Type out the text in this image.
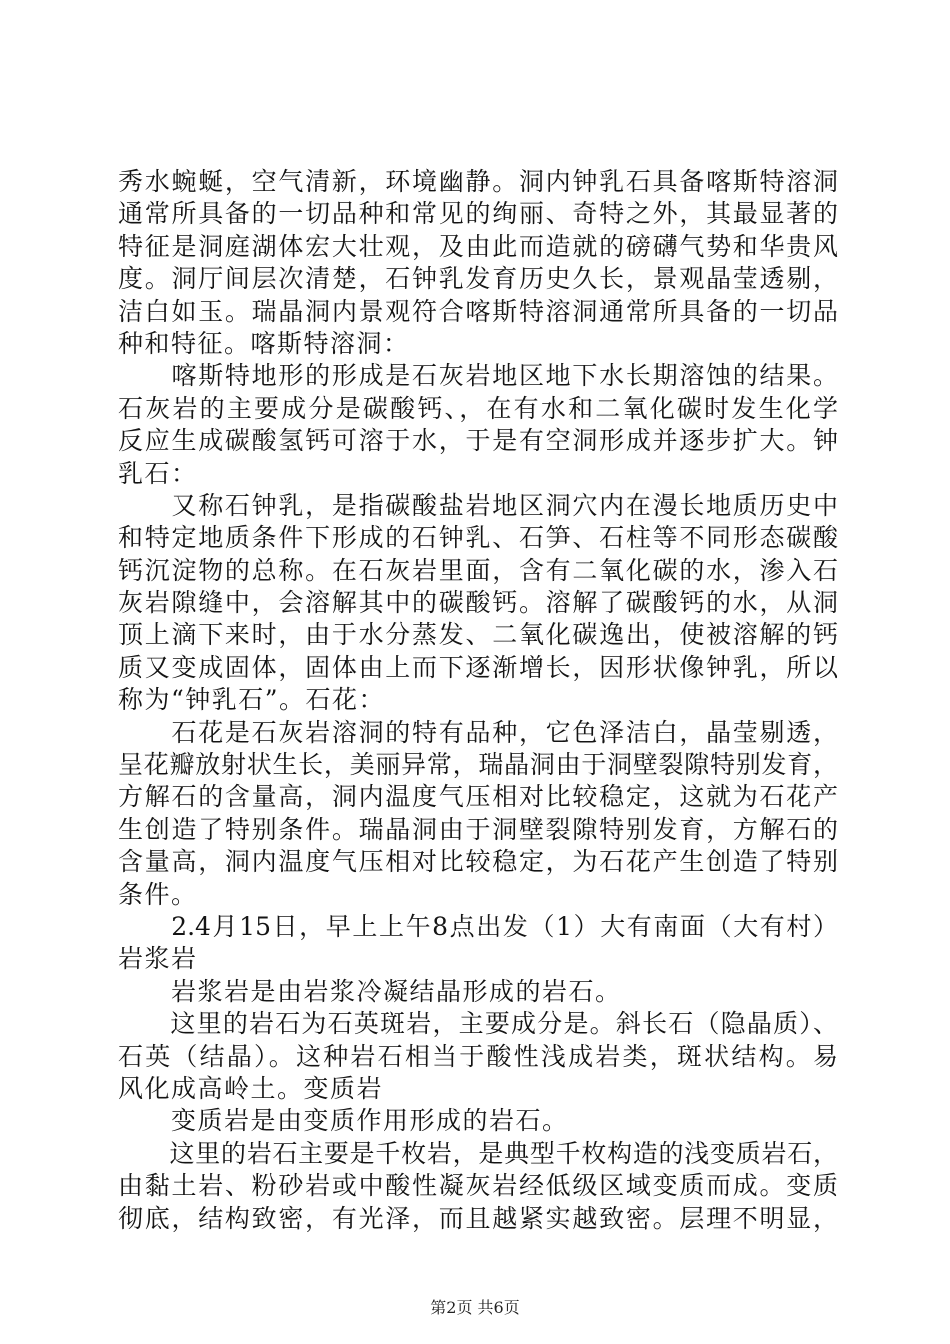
秀水蜿蜒，空气清新，环境幽静。洞内钟乳石具备喀斯特溶洞
通常所具备的一切品种和常见的绚丽、奇特之外，其最显著的
特征是洞庭湖体宏大壮观，及由此而造就的磅礴气势和华贵风
度。洞厅间层次清楚，石钟乳发育历史久长，景观晶莹透剔，
洁白如玉。瑞晶洞内景观符合喀斯特溶洞通常所具备的一切品
种和特征。喀斯特溶洞：
　　喀斯特地形的形成是石灰岩地区地下水长期溶蚀的结果。
石灰岩的主要成分是碳酸钙、，在有水和二氧化碳时发生化学
反应生成碳酸氢钙可溶于水，于是有空洞形成并逐步扩大。钟
乳石：
　　又称石钟乳，是指碳酸盐岩地区洞穴内在漫长地质历史中
和特定地质条件下形成的石钟乳、石笋、石柱等不同形态碳酸
钙沉淀物的总称。在石灰岩里面，含有二氧化碳的水，渗入石
灰岩隙缝中，会溶解其中的碳酸钙。溶解了碳酸钙的水，从洞
顶上滴下来时，由于水分蒸发、二氧化碳逸出，使被溶解的钙
质又变成固体，固体由上而下逐渐增长，因形状像钟乳，所以
称为“钟乳石”。石花：
　　石花是石灰岩溶洞的特有品种，它色泽洁白，晶莹剔透，
呈花瓣放射状生长，美丽异常，瑞晶洞由于洞壁裂隙特别发育，
方解石的含量高，洞内温度气压相对比较稳定，这就为石花产
生创造了特别条件。瑞晶洞由于洞壁裂隙特别发育，方解石的
含量高，洞内温度气压相对比较稳定，为石花产生创造了特别
条件。
　　2.4月15日，早上上午8点出发（1）大有南面（大有村）
岩浆岩
　　岩浆岩是由岩浆冷凝结晶形成的岩石。
　　这里的岩石为石英斑岩，主要成分是。斜长石（隐晶质）、
石英（结晶）。这种岩石相当于酸性浅成岩类，斑状结构。易
风化成高岭土。变质岩
　　变质岩是由变质作用形成的岩石。
　　这里的岩石主要是千枚岩，是典型千枚构造的浅变质岩石，
由黏土岩、粉砂岩或中酸性凝灰岩经低级区域变质而成。变质
彻底，结构致密，有光泽，而且越紧实越致密。层理不明显，
第2页 共6页
